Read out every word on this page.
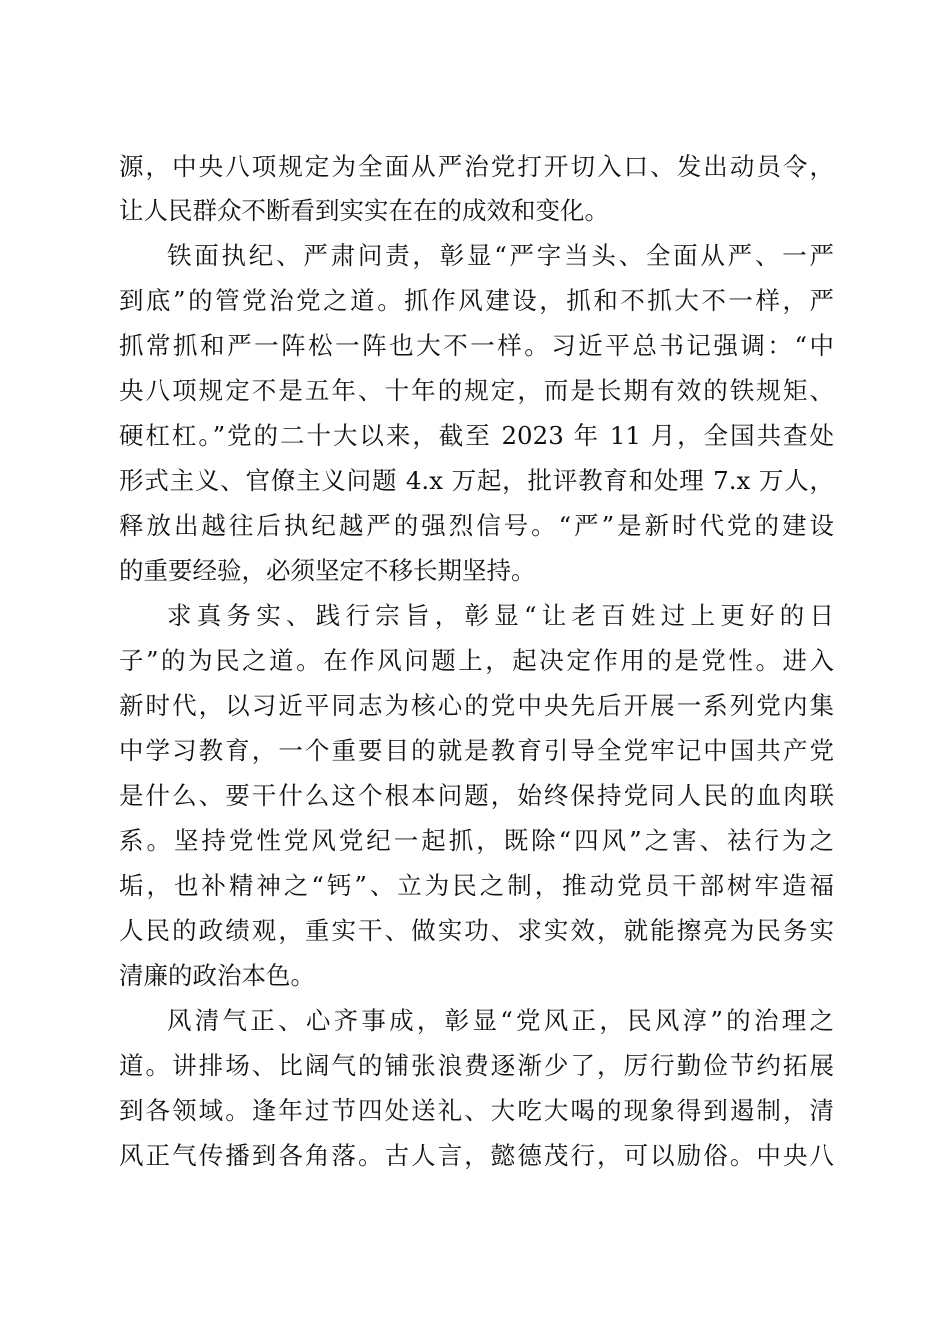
源，中央八项规定为全面从严治党打开切入口、发出动员令，
让人民群众不断看到实实在在的成效和变化。
铁面执纪、严肃问责，彰显“严字当头、全面从严、一严
到底”的管党治党之道。抓作风建设，抓和不抓大不一样，严
抓常抓和严一阵松一阵也大不一样。习近平总书记强调：“中
央八项规定不是五年、十年的规定，而是长期有效的铁规矩、
硬杠杠。”党的二十大以来，截至 2023 年 11 月，全国共查处
形式主义、官僚主义问题 4.x 万起，批评教育和处理 7.x 万人，
释放出越往后执纪越严的强烈信号。“严”是新时代党的建设
的重要经验，必须坚定不移长期坚持。
求真务实、践行宗旨，彰显“让老百姓过上更好的日
子”的为民之道。在作风问题上，起决定作用的是党性。进入
新时代，以习近平同志为核心的党中央先后开展一系列党内集
中学习教育，一个重要目的就是教育引导全党牢记中国共产党
是什么、要干什么这个根本问题，始终保持党同人民的血肉联
系。坚持党性党风党纪一起抓，既除“四风”之害、祛行为之
垢，也补精神之“钙”、立为民之制，推动党员干部树牢造福
人民的政绩观，重实干、做实功、求实效，就能擦亮为民务实
清廉的政治本色。
风清气正、心齐事成，彰显“党风正，民风淳”的治理之
道。讲排场、比阔气的铺张浪费逐渐少了，厉行勤俭节约拓展
到各领域。逢年过节四处送礼、大吃大喝的现象得到遏制，清
风正气传播到各角落。古人言，懿德茂行，可以励俗。中央八
